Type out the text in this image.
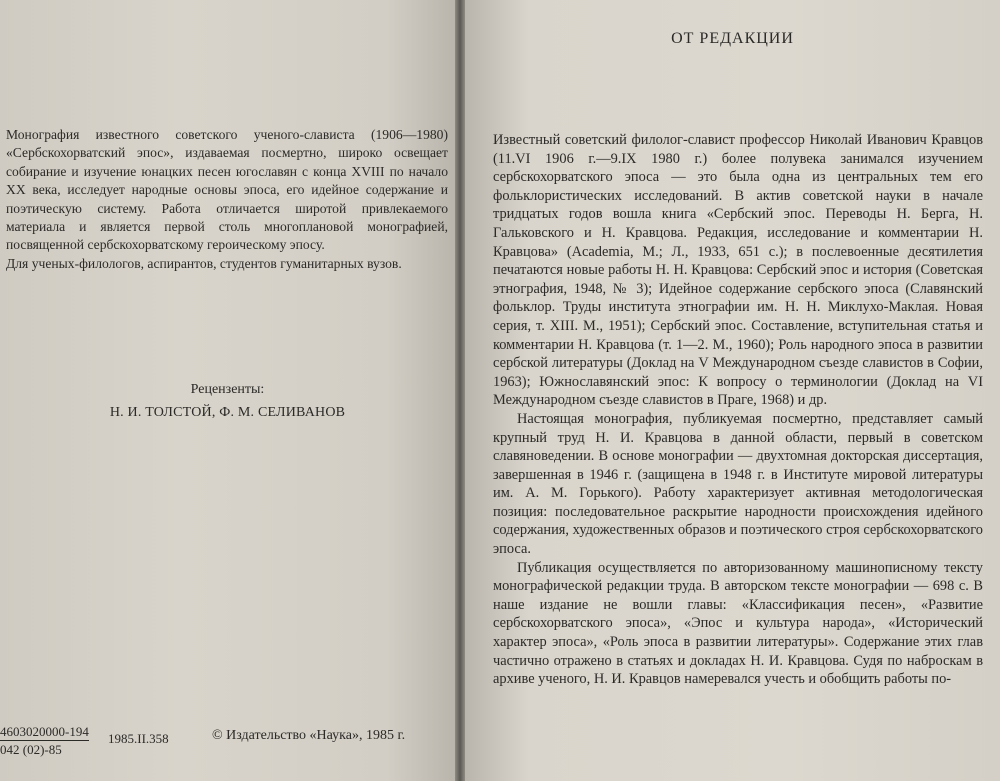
Монография известного советского ученого-слависта (1906—1980) «Сербскохорватский эпос», издаваемая посмертно, широко освещает собирание и изучение юнацких песен югославян с конца XVIII по начало XX века, исследует народные основы эпоса, его идейное содержание и поэтическую систему. Работа отличается широтой привлекаемого материала и является первой столь многоплановой монографией, посвященной сербскохорватскому героическому эпосу.

Для ученых-филологов, аспирантов, студентов гуманитарных вузов.

Рецензенты:
Н. И. ТОЛСТОЙ, Ф. М. СЕЛИВАНОВ
4603020000-194
042 (02)-85
1985.II.358	© Издательство «Наука», 1985 г.
ОТ РЕДАКЦИИ

Известный советский филолог-славист профессор Николай Иванович Кравцов (11.VI 1906 г.—9.IX 1980 г.) более полувека занимался изучением сербскохорватского эпоса — это была одна из центральных тем его фольклористических исследований. В актив советской науки в начале тридцатых годов вошла книга «Сербский эпос. Переводы Н. Берга, Н. Гальковского и Н. Кравцова. Редакция, исследование и комментарии Н. Кравцова» (Academia, М.; Л., 1933, 651 с.); в послевоенные десятилетия печатаются новые работы Н. Н. Кравцова: Сербский эпос и история (Советская этнография, 1948, № 3); Идейное содержание сербского эпоса (Славянский фольклор. Труды института этнографии им. Н. Н. Миклухо-Маклая. Новая серия, т. XIII. М., 1951); Сербский эпос. Составление, вступительная статья и комментарии Н. Кравцова (т. 1—2. М., 1960); Роль народного эпоса в развитии сербской литературы (Доклад на V Международном съезде славистов в Софии, 1963); Южнославянский эпос: К вопросу о терминологии (Доклад на VI Международном съезде славистов в Праге, 1968) и др.

Настоящая монография, публикуемая посмертно, представляет самый крупный труд Н. И. Кравцова в данной области, первый в советском славяноведении. В основе монографии — двухтомная докторская диссертация, завершенная в 1946 г. (защищена в 1948 г. в Институте мировой литературы им. А. М. Горького). Работу характеризует активная методологическая позиция: последовательное раскрытие народности происхождения идейного содержания, художественных образов и поэтического строя сербскохорватского эпоса.

Публикация осуществляется по авторизованному машинописному тексту монографической редакции труда. В авторском тексте монографии — 698 с. В наше издание не вошли главы: «Классификация песен», «Развитие сербскохорватского эпоса», «Эпос и культура народа», «Исторический характер эпоса», «Роль эпоса в развитии литературы». Содержание этих глав частично отражено в статьях и докладах Н. И. Кравцова. Судя по наброскам в архиве ученого, Н. И. Кравцов намеревался учесть и обобщить работы по-
